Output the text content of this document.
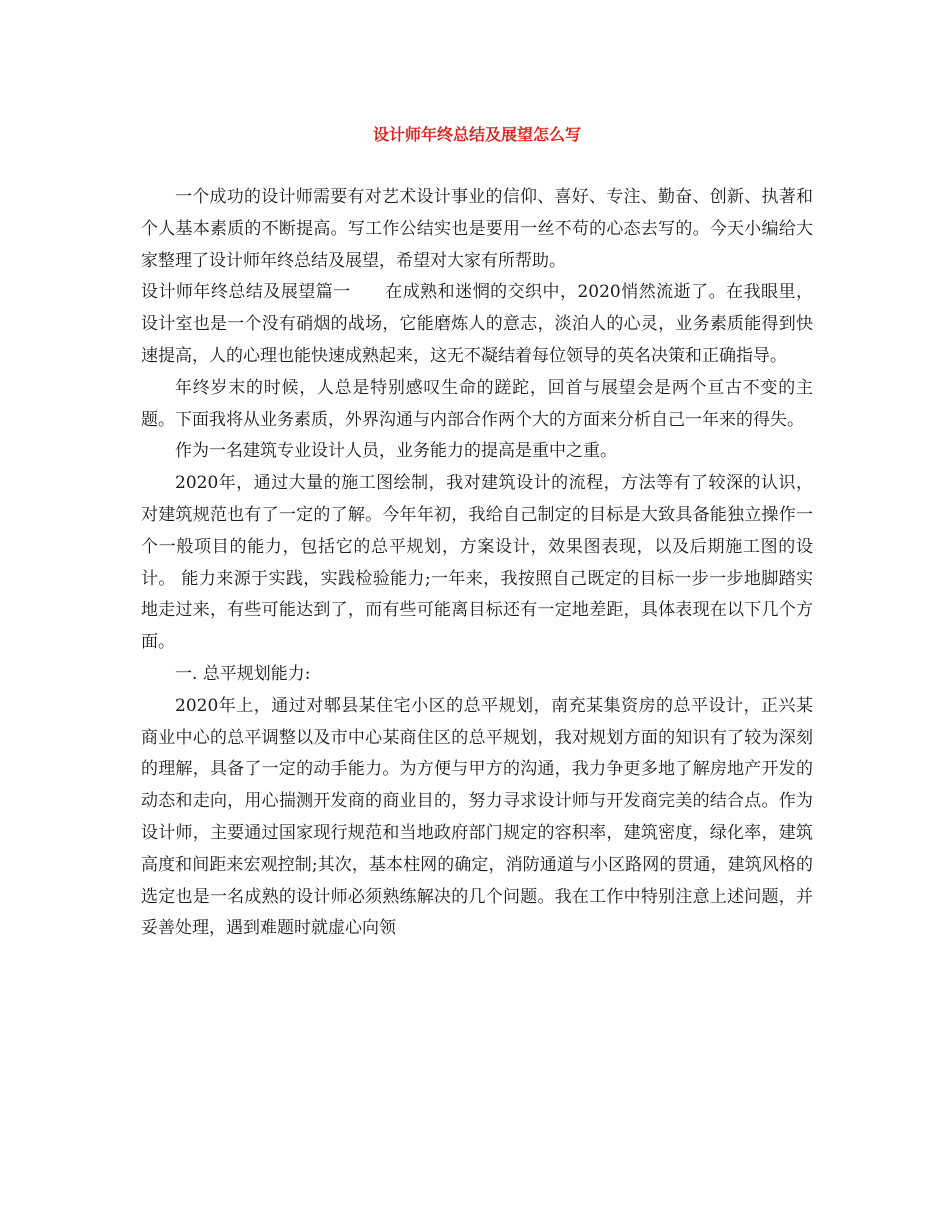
设计师年终总结及展望怎么写

一个成功的设计师需要有对艺术设计事业的信仰、喜好、专注、勤奋、创新、执著和个人基本素质的不断提高。写工作公结实也是要用一丝不苟的心态去写的。今天小编给大家整理了设计师年终总结及展望，希望对大家有所帮助。

设计师年终总结及展望篇一 在成熟和迷惘的交织中，2020悄然流逝了。在我眼里，设计室也是一个没有硝烟的战场，它能磨炼人的意志，淡泊人的心灵，业务素质能得到快速提高，人的心理也能快速成熟起来，这无不凝结着每位领导的英名决策和正确指导。

年终岁末的时候，人总是特别感叹生命的蹉跎，回首与展望会是两个亘古不变的主题。下面我将从业务素质，外界沟通与内部合作两个大的方面来分析自己一年来的得失。

作为一名建筑专业设计人员，业务能力的提高是重中之重。

2020年，通过大量的施工图绘制，我对建筑设计的流程，方法等有了较深的认识，对建筑规范也有了一定的了解。今年年初，我给自己制定的目标是大致具备能独立操作一个一般项目的能力，包括它的总平规划，方案设计，效果图表现，以及后期施工图的设计。 能力来源于实践，实践检验能力;一年来，我按照自己既定的目标一步一步地脚踏实地走过来，有些可能达到了，而有些可能离目标还有一定地差距，具体表现在以下几个方面。

一. 总平规划能力:

2020年上，通过对郫县某住宅小区的总平规划，南充某集资房的总平设计，正兴某商业中心的总平调整以及市中心某商住区的总平规划，我对规划方面的知识有了较为深刻的理解，具备了一定的动手能力。为方便与甲方的沟通，我力争更多地了解房地产开发的动态和走向，用心揣测开发商的商业目的，努力寻求设计师与开发商完美的结合点。作为设计师，主要通过国家现行规范和当地政府部门规定的容积率，建筑密度，绿化率，建筑高度和间距来宏观控制;其次，基本柱网的确定，消防通道与小区路网的贯通，建筑风格的选定也是一名成熟的设计师必须熟练解决的几个问题。我在工作中特别注意上述问题，并妥善处理，遇到难题时就虚心向领
